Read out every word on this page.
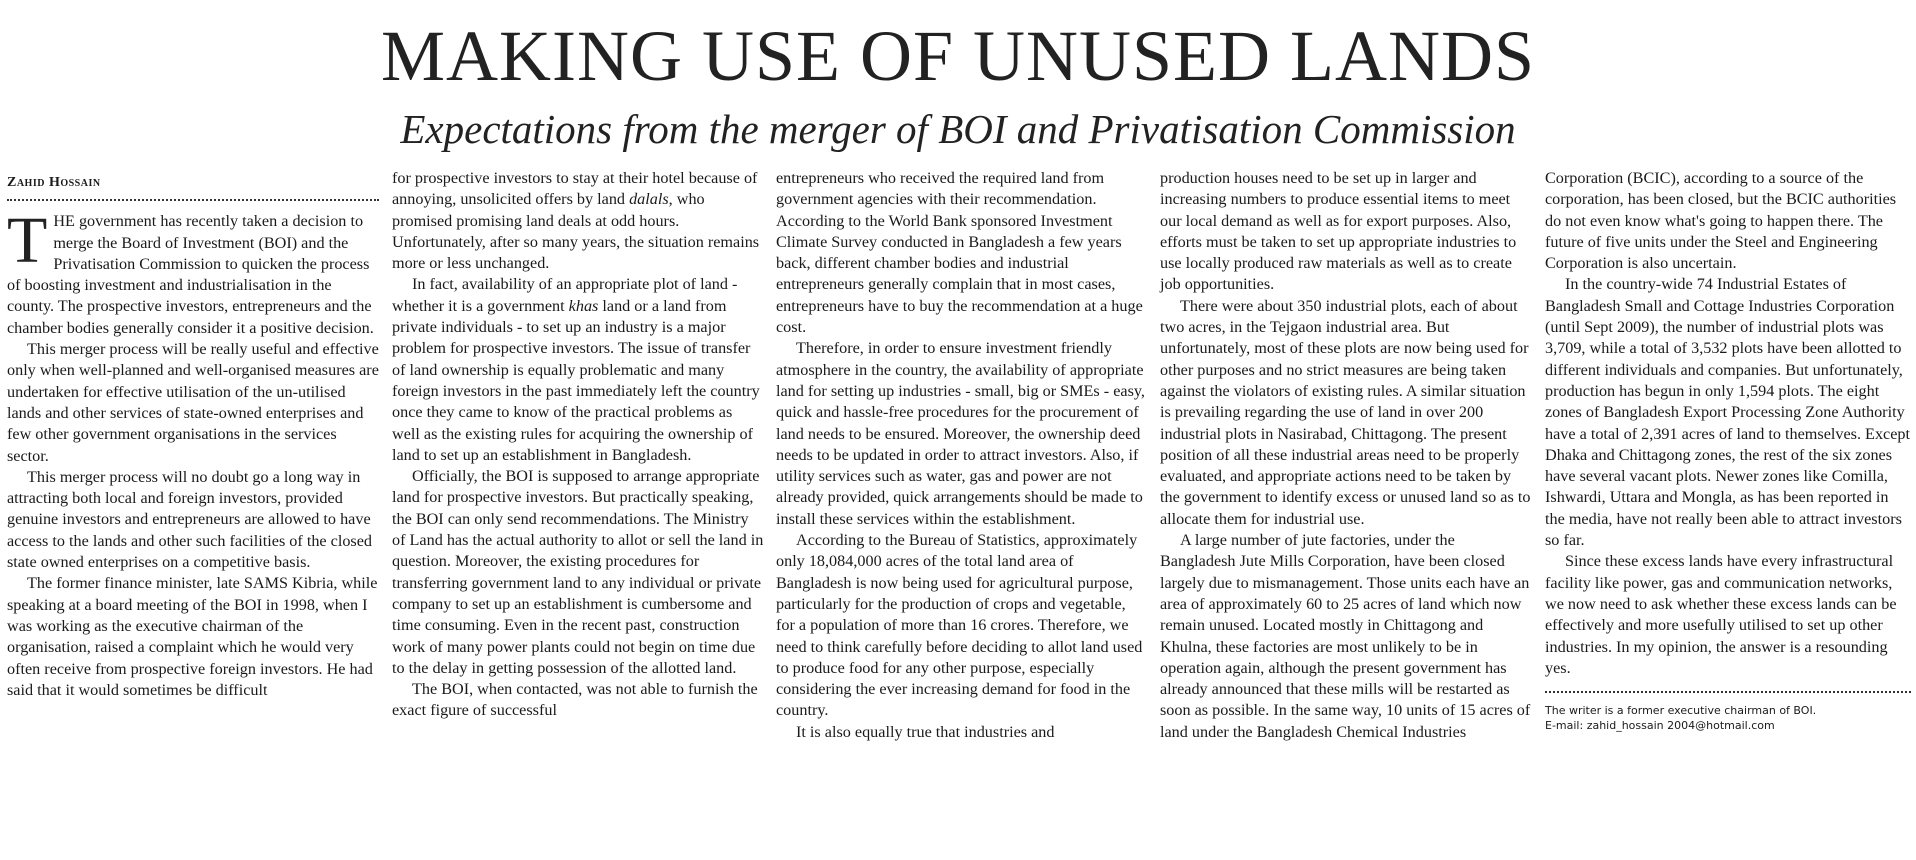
MAKING USE OF UNUSED LANDS
Expectations from the merger of BOI and Privatisation Commission
Zahid Hossain

THE government has recently taken a decision to merge the Board of Investment (BOI) and the Privatisation Commission to quicken the process of boosting investment and industrialisation in the county. The prospective investors, entrepreneurs and the chamber bodies generally consider it a positive decision.

This merger process will be really useful and effective only when well-planned and well-organised measures are undertaken for effective utilisation of the un-utilised lands and other services of state-owned enterprises and few other government organisations in the services sector.

This merger process will no doubt go a long way in attracting both local and foreign investors, provided genuine investors and entrepreneurs are allowed to have access to the lands and other such facilities of the closed state owned enterprises on a competitive basis.

The former finance minister, late SAMS Kibria, while speaking at a board meeting of the BOI in 1998, when I was working as the executive chairman of the organisation, raised a complaint which he would very often receive from prospective foreign investors. He had said that it would sometimes be difficult

for prospective investors to stay at their hotel because of annoying, unsolicited offers by land dalals, who promised promising land deals at odd hours. Unfortunately, after so many years, the situation remains more or less unchanged.

In fact, availability of an appropriate plot of land - whether it is a government khas land or a land from private individuals - to set up an industry is a major problem for prospective investors. The issue of transfer of land ownership is equally problematic and many foreign investors in the past immediately left the country once they came to know of the practical problems as well as the existing rules for acquiring the ownership of land to set up an establishment in Bangladesh.

Officially, the BOI is supposed to arrange appropriate land for prospective investors. But practically speaking, the BOI can only send recommendations. The Ministry of Land has the actual authority to allot or sell the land in question. Moreover, the existing procedures for transferring government land to any individual or private company to set up an establishment is cumbersome and time consuming. Even in the recent past, construction work of many power plants could not begin on time due to the delay in getting possession of the allotted land.

The BOI, when contacted, was not able to furnish the exact figure of successful

entrepreneurs who received the required land from government agencies with their recommendation. According to the World Bank sponsored Investment Climate Survey conducted in Bangladesh a few years back, different chamber bodies and industrial entrepreneurs generally complain that in most cases, entrepreneurs have to buy the recommendation at a huge cost.

Therefore, in order to ensure investment friendly atmosphere in the country, the availability of appropriate land for setting up industries - small, big or SMEs - easy, quick and hassle-free procedures for the procurement of land needs to be ensured. Moreover, the ownership deed needs to be updated in order to attract investors. Also, if utility services such as water, gas and power are not already provided, quick arrangements should be made to install these services within the establishment.

According to the Bureau of Statistics, approximately only 18,084,000 acres of the total land area of Bangladesh is now being used for agricultural purpose, particularly for the production of crops and vegetable, for a population of more than 16 crores. Therefore, we need to think carefully before deciding to allot land used to produce food for any other purpose, especially considering the ever increasing demand for food in the country.

It is also equally true that industries and

production houses need to be set up in larger and increasing numbers to produce essential items to meet our local demand as well as for export purposes. Also, efforts must be taken to set up appropriate industries to use locally produced raw materials as well as to create job opportunities.

There were about 350 industrial plots, each of about two acres, in the Tejgaon industrial area. But unfortunately, most of these plots are now being used for other purposes and no strict measures are being taken against the violators of existing rules. A similar situation is prevailing regarding the use of land in over 200 industrial plots in Nasirabad, Chittagong. The present position of all these industrial areas need to be properly evaluated, and appropriate actions need to be taken by the government to identify excess or unused land so as to allocate them for industrial use.

A large number of jute factories, under the Bangladesh Jute Mills Corporation, have been closed largely due to mismanagement. Those units each have an area of approximately 60 to 25 acres of land which now remain unused. Located mostly in Chittagong and Khulna, these factories are most unlikely to be in operation again, although the present government has already announced that these mills will be restarted as soon as possible. In the same way, 10 units of 15 acres of land under the Bangladesh Chemical Industries

Corporation (BCIC), according to a source of the corporation, has been closed, but the BCIC authorities do not even know what's going to happen there. The future of five units under the Steel and Engineering Corporation is also uncertain.

In the country-wide 74 Industrial Estates of Bangladesh Small and Cottage Industries Corporation (until Sept 2009), the number of industrial plots was 3,709, while a total of 3,532 plots have been allotted to different individuals and companies. But unfortunately, production has begun in only 1,594 plots. The eight zones of Bangladesh Export Processing Zone Authority have a total of 2,391 acres of land to themselves. Except Dhaka and Chittagong zones, the rest of the six zones have several vacant plots. Newer zones like Comilla, Ishwardi, Uttara and Mongla, as has been reported in the media, have not really been able to attract investors so far.

Since these excess lands have every infrastructural facility like power, gas and communication networks, we now need to ask whether these excess lands can be effectively and more usefully utilised to set up other industries. In my opinion, the answer is a resounding yes.

The writer is a former executive chairman of BOI.
E-mail: zahid_hossain 2004@hotmail.com
